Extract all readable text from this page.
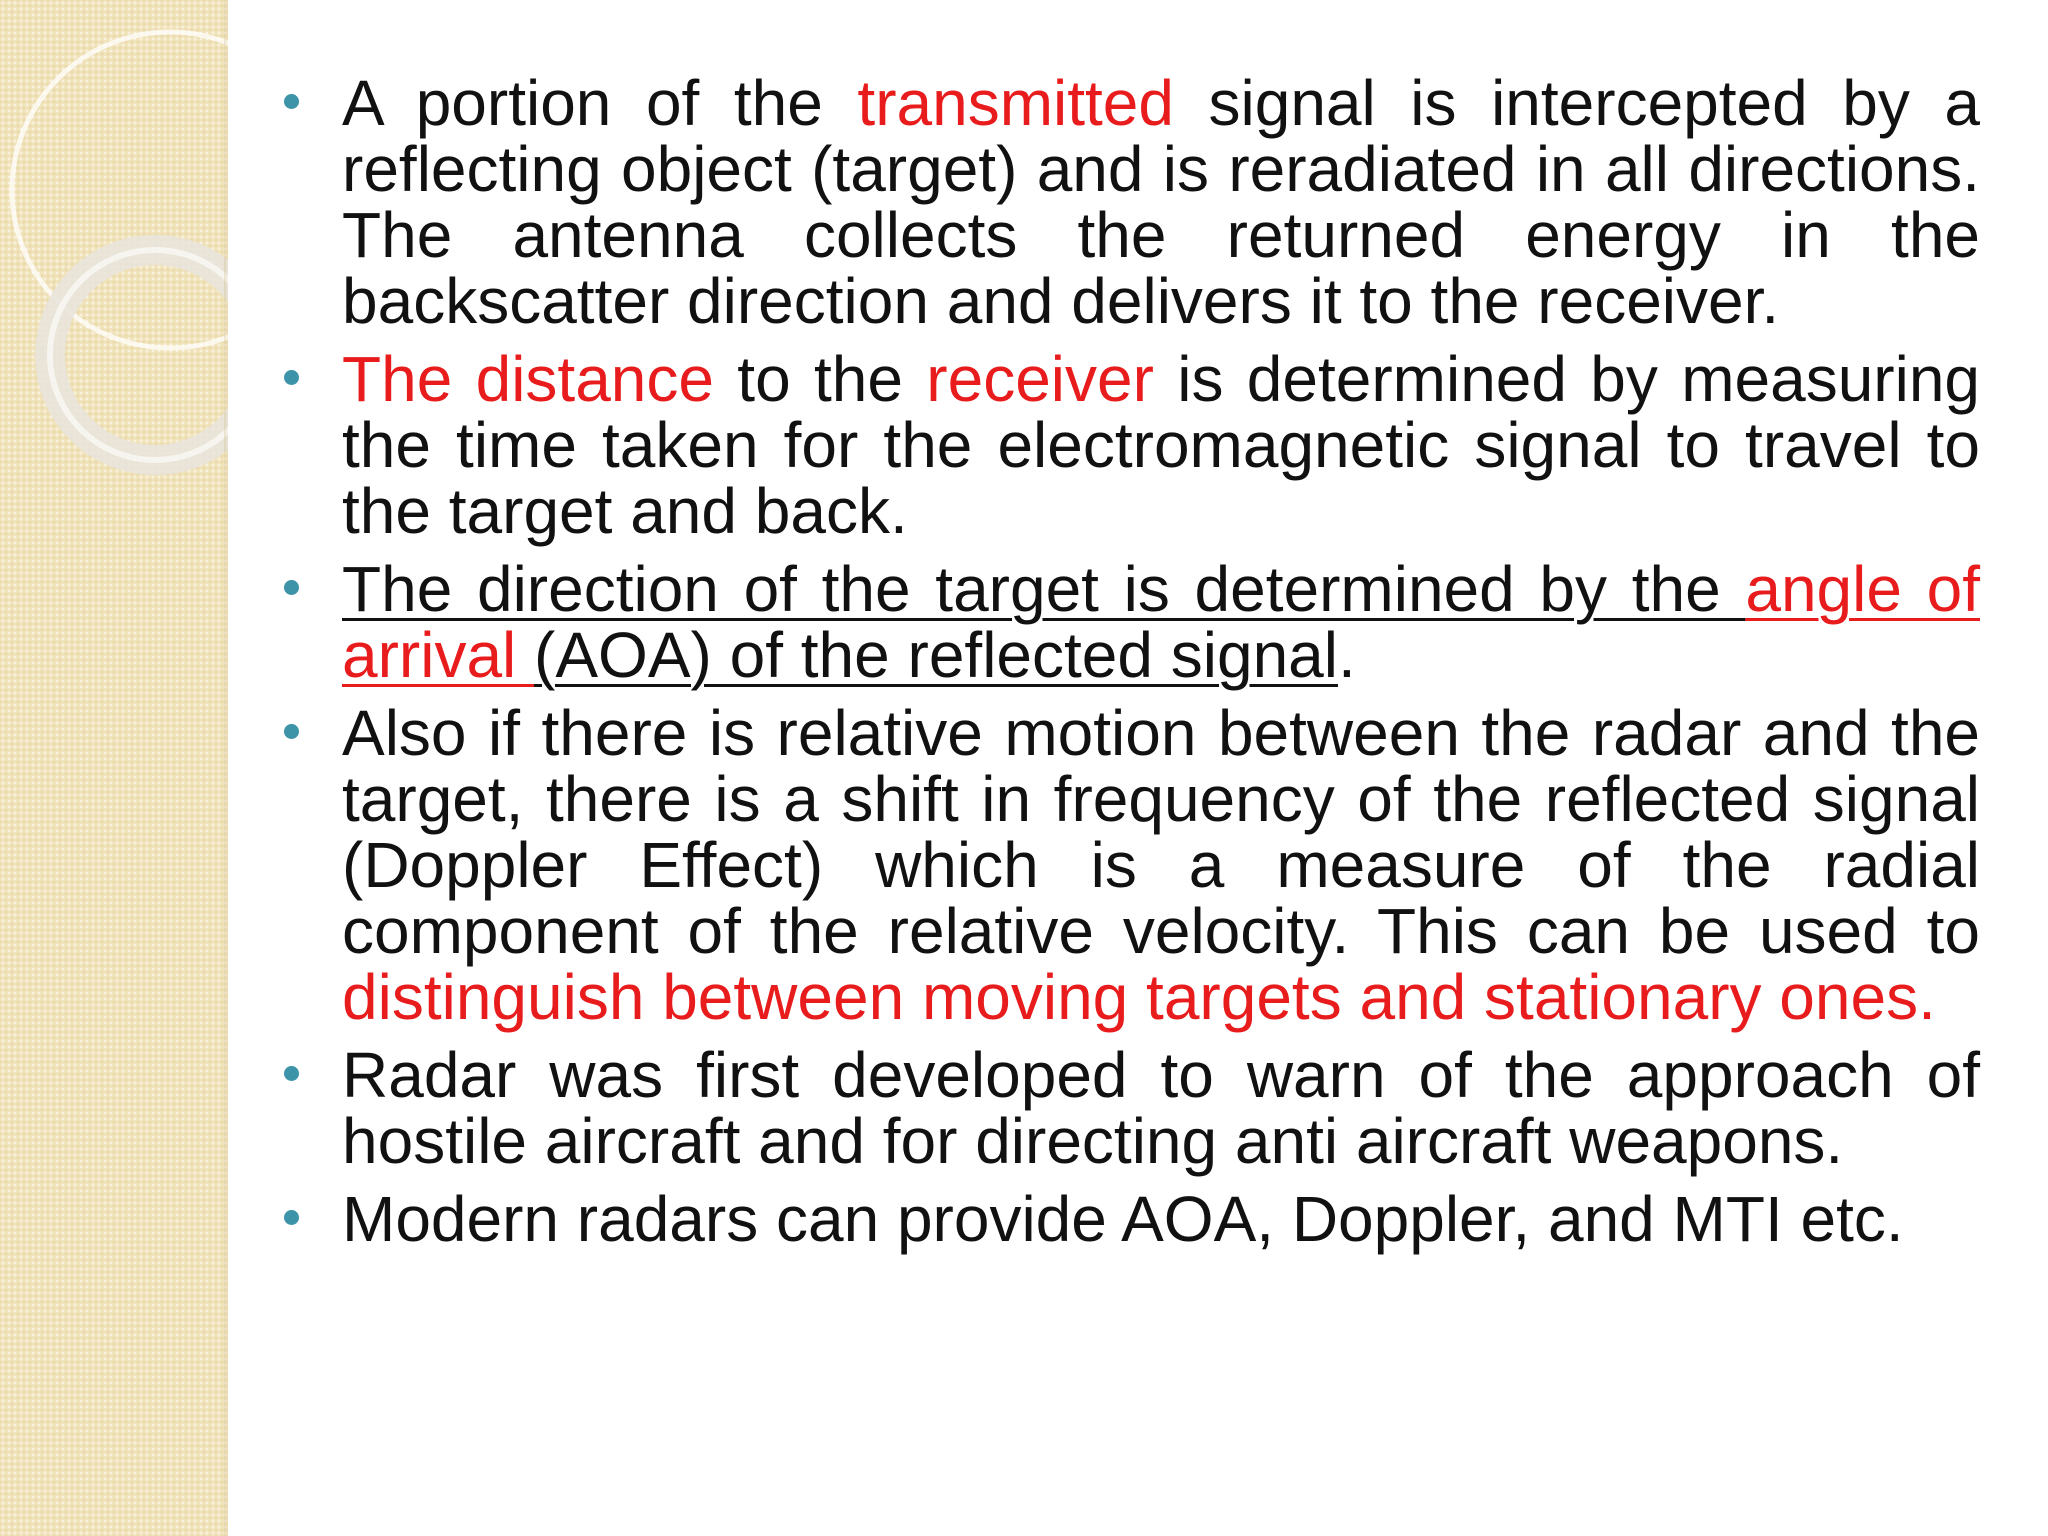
A portion of the transmitted signal is intercepted by a reflecting object (target) and is reradiated in all directions. The antenna collects the returned energy in the backscatter direction and delivers it to the receiver.
The distance to the receiver is determined by measuring the time taken for the electromagnetic signal to travel to the target and back.
The direction of the target is determined by the angle of arrival (AOA) of the reflected signal.
Also if there is relative motion between the radar and the target, there is a shift in frequency of the reflected signal (Doppler Effect) which is a measure of the radial component of the relative velocity. This can be used to distinguish between moving targets and stationary ones.
Radar was first developed to warn of the approach of hostile aircraft and for directing anti aircraft weapons.
Modern radars can provide AOA, Doppler, and MTI etc.
